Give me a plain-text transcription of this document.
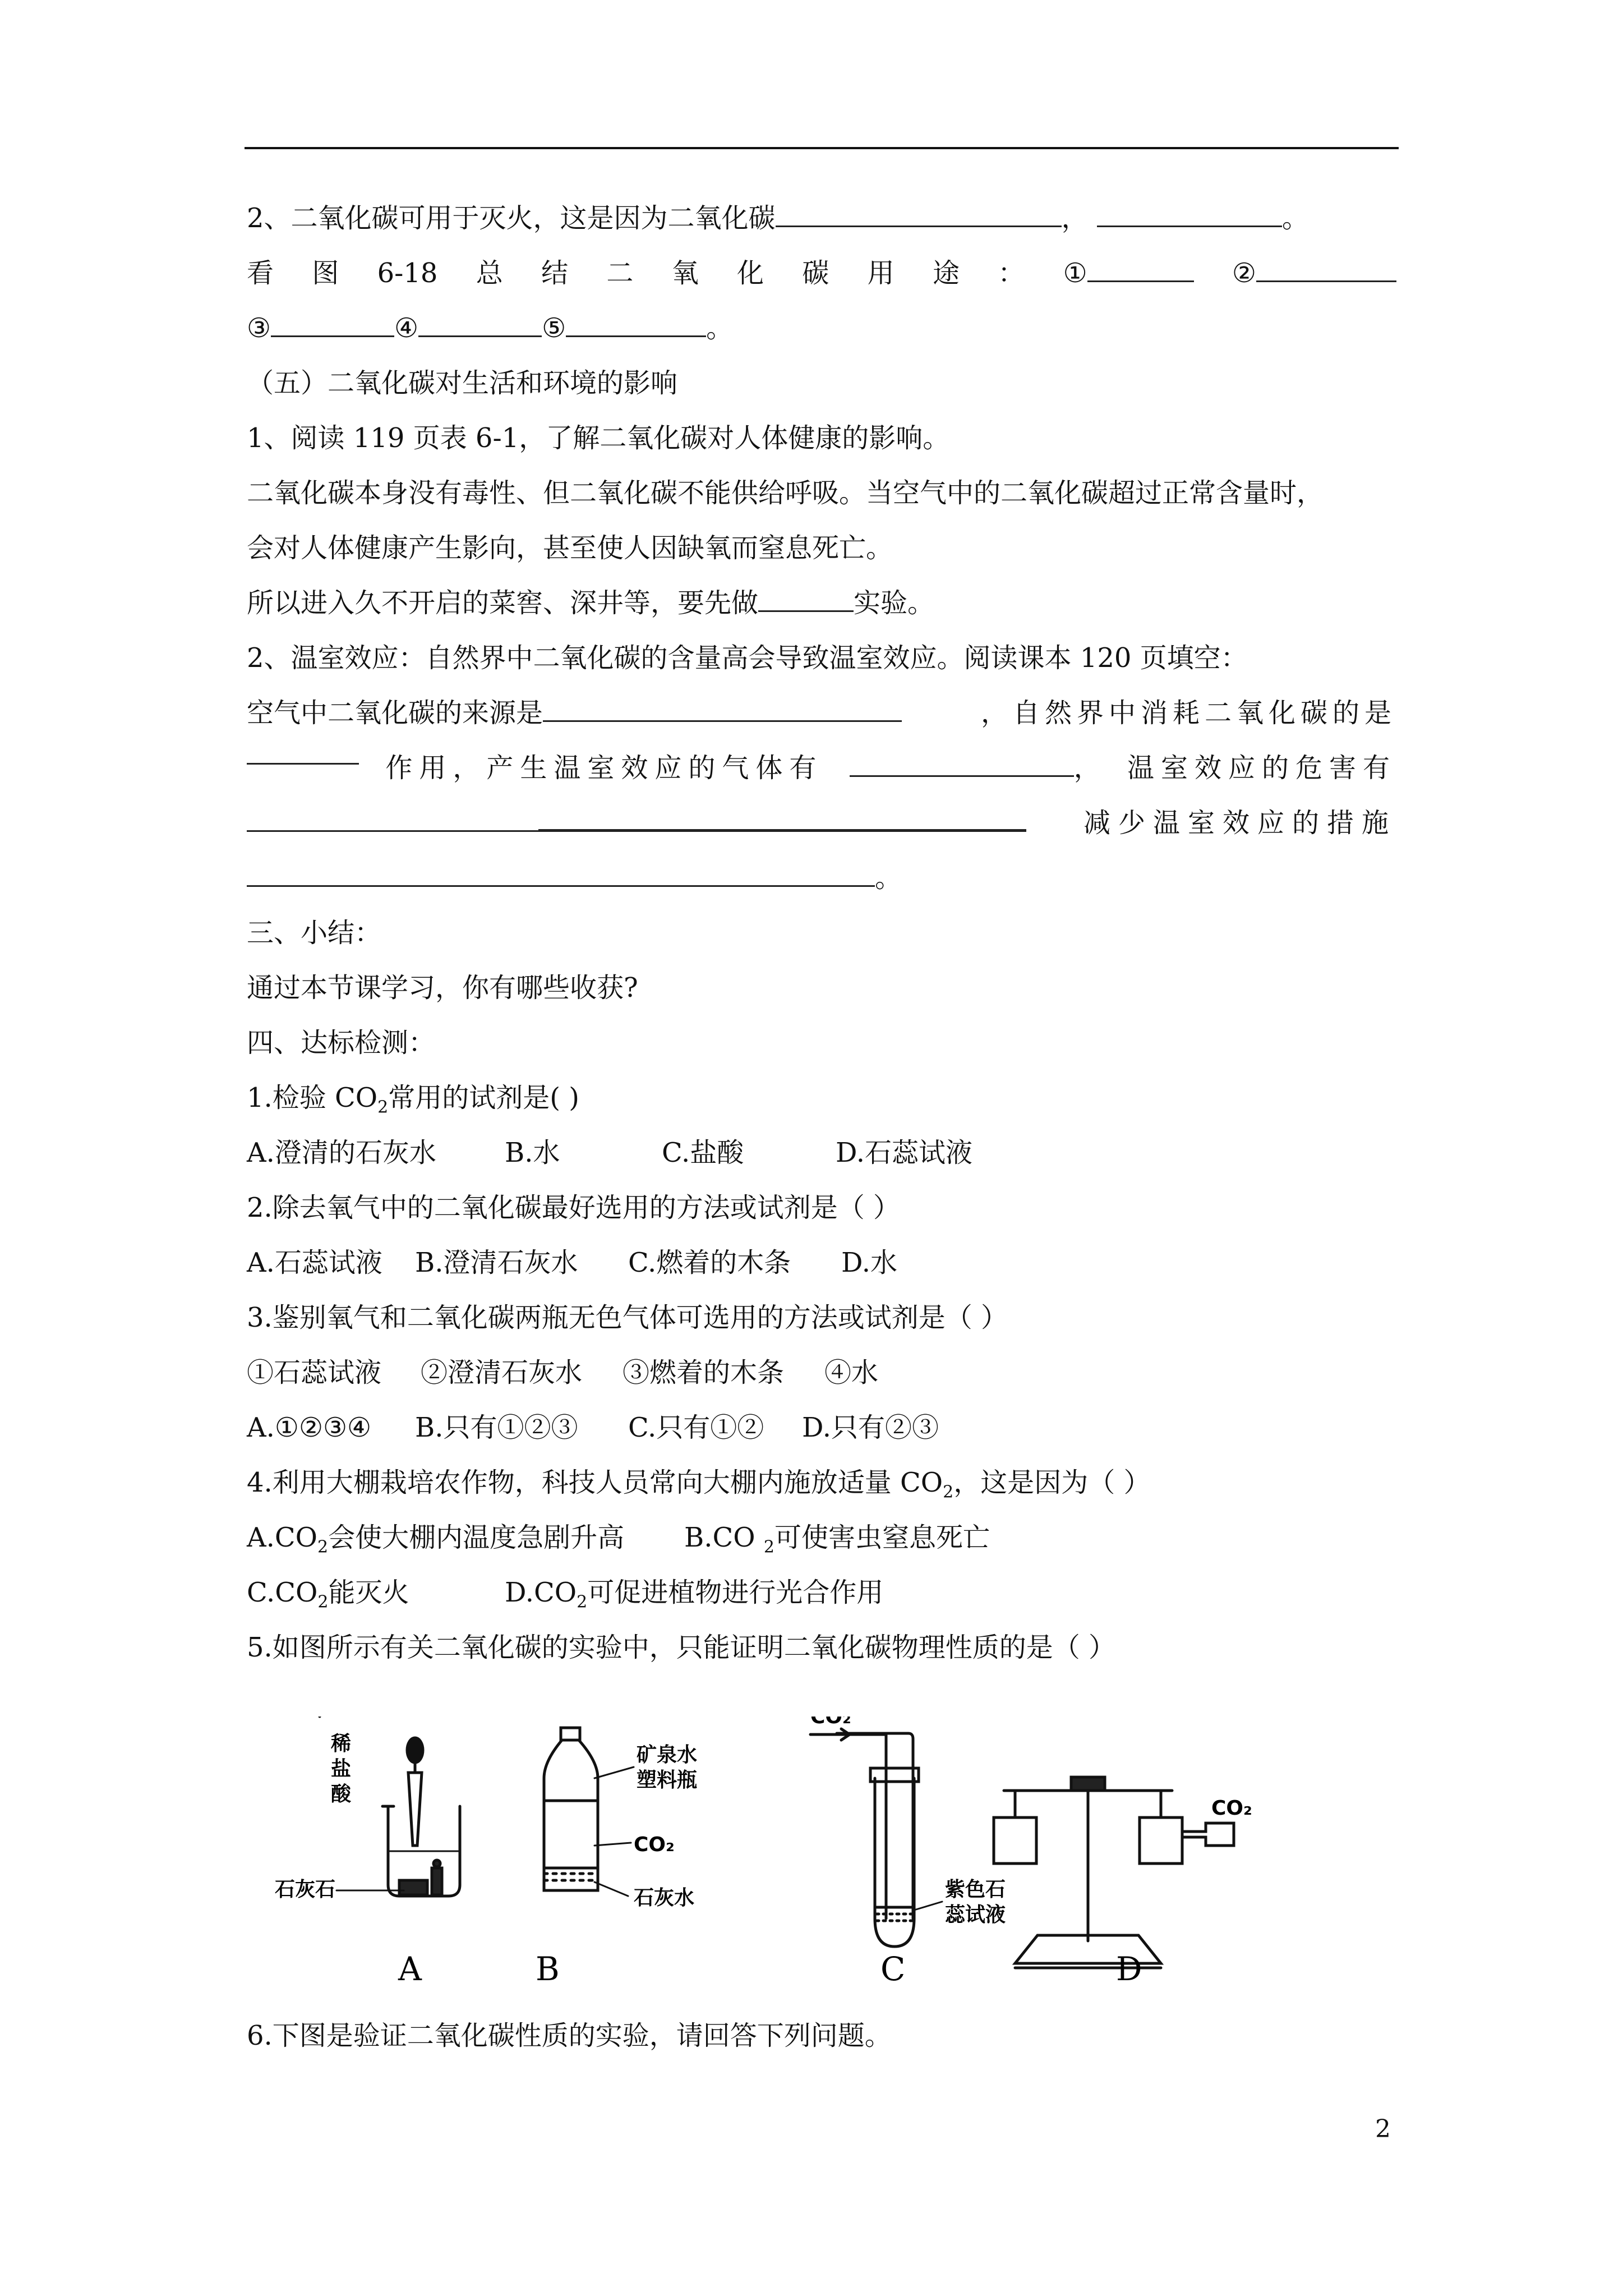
2、二氧化碳可用于灭火，这是因为二氧化碳	，	。
看 图 6-18 总 结 二 氧 化 碳 用 途 ： ①	②
③	④	⑤	。
（五）二氧化碳对生活和环境的影响
1、阅读 119 页表 6-1，了解二氧化碳对人体健康的影响。
二氧化碳本身没有毒性、但二氧化碳不能供给呼吸。当空气中的二氧化碳超过正常含量时，
会对人体健康产生影向，甚至使人因缺氧而窒息死亡。
所以进入久不开启的菜窖、深井等，要先做	实验。
2、温室效应：自然界中二氧化碳的含量高会导致温室效应。阅读课本 120 页填空：
空气中二氧化碳的来源是	，自然界中消耗二氧化碳的是
作用，产生温室效应的气体有	， 温室效应的危害有
减少温室效应的措施
。
三、小结：
通过本节课学习，你有哪些收获?
四、达标检测：
1.检验 $CO_2$常用的试剂是( )
A.澄清的石灰水	B.水	C.盐酸	D.石蕊试液
2.除去氧气中的二氧化碳最好选用的方法或试剂是（ ）
A.石蕊试液 B.澄清石灰水 C.燃着的木条 D.水
3.鉴别氧气和二氧化碳两瓶无色气体可选用的方法或试剂是（ ）
①石蕊试液 ②澄清石灰水 ③燃着的木条 ④水
A.①②③④ B.只有①②③ C.只有①② D.只有②③
4.利用大棚栽培农作物，科技人员常向大棚内施放适量 $CO_2$，这是因为（ ）
$A.CO_2$会使大棚内温度急剧升高 B.CO $_2$可使害虫窒息死亡
$C.CO_2$能灭火	$D.CO_2$可促进植物进行光合作用
5.如图所示有关二氧化碳的实验中，只能证明二氧化碳物理性质的是（ ）
稀
盐
酸
石灰石
A
矿泉水
塑料瓶
CO₂
石灰水
B
CO₂
紫色石
蕊试液
C
CO₂
D
6.下图是验证二氧化碳性质的实验，请回答下列问题。
2
